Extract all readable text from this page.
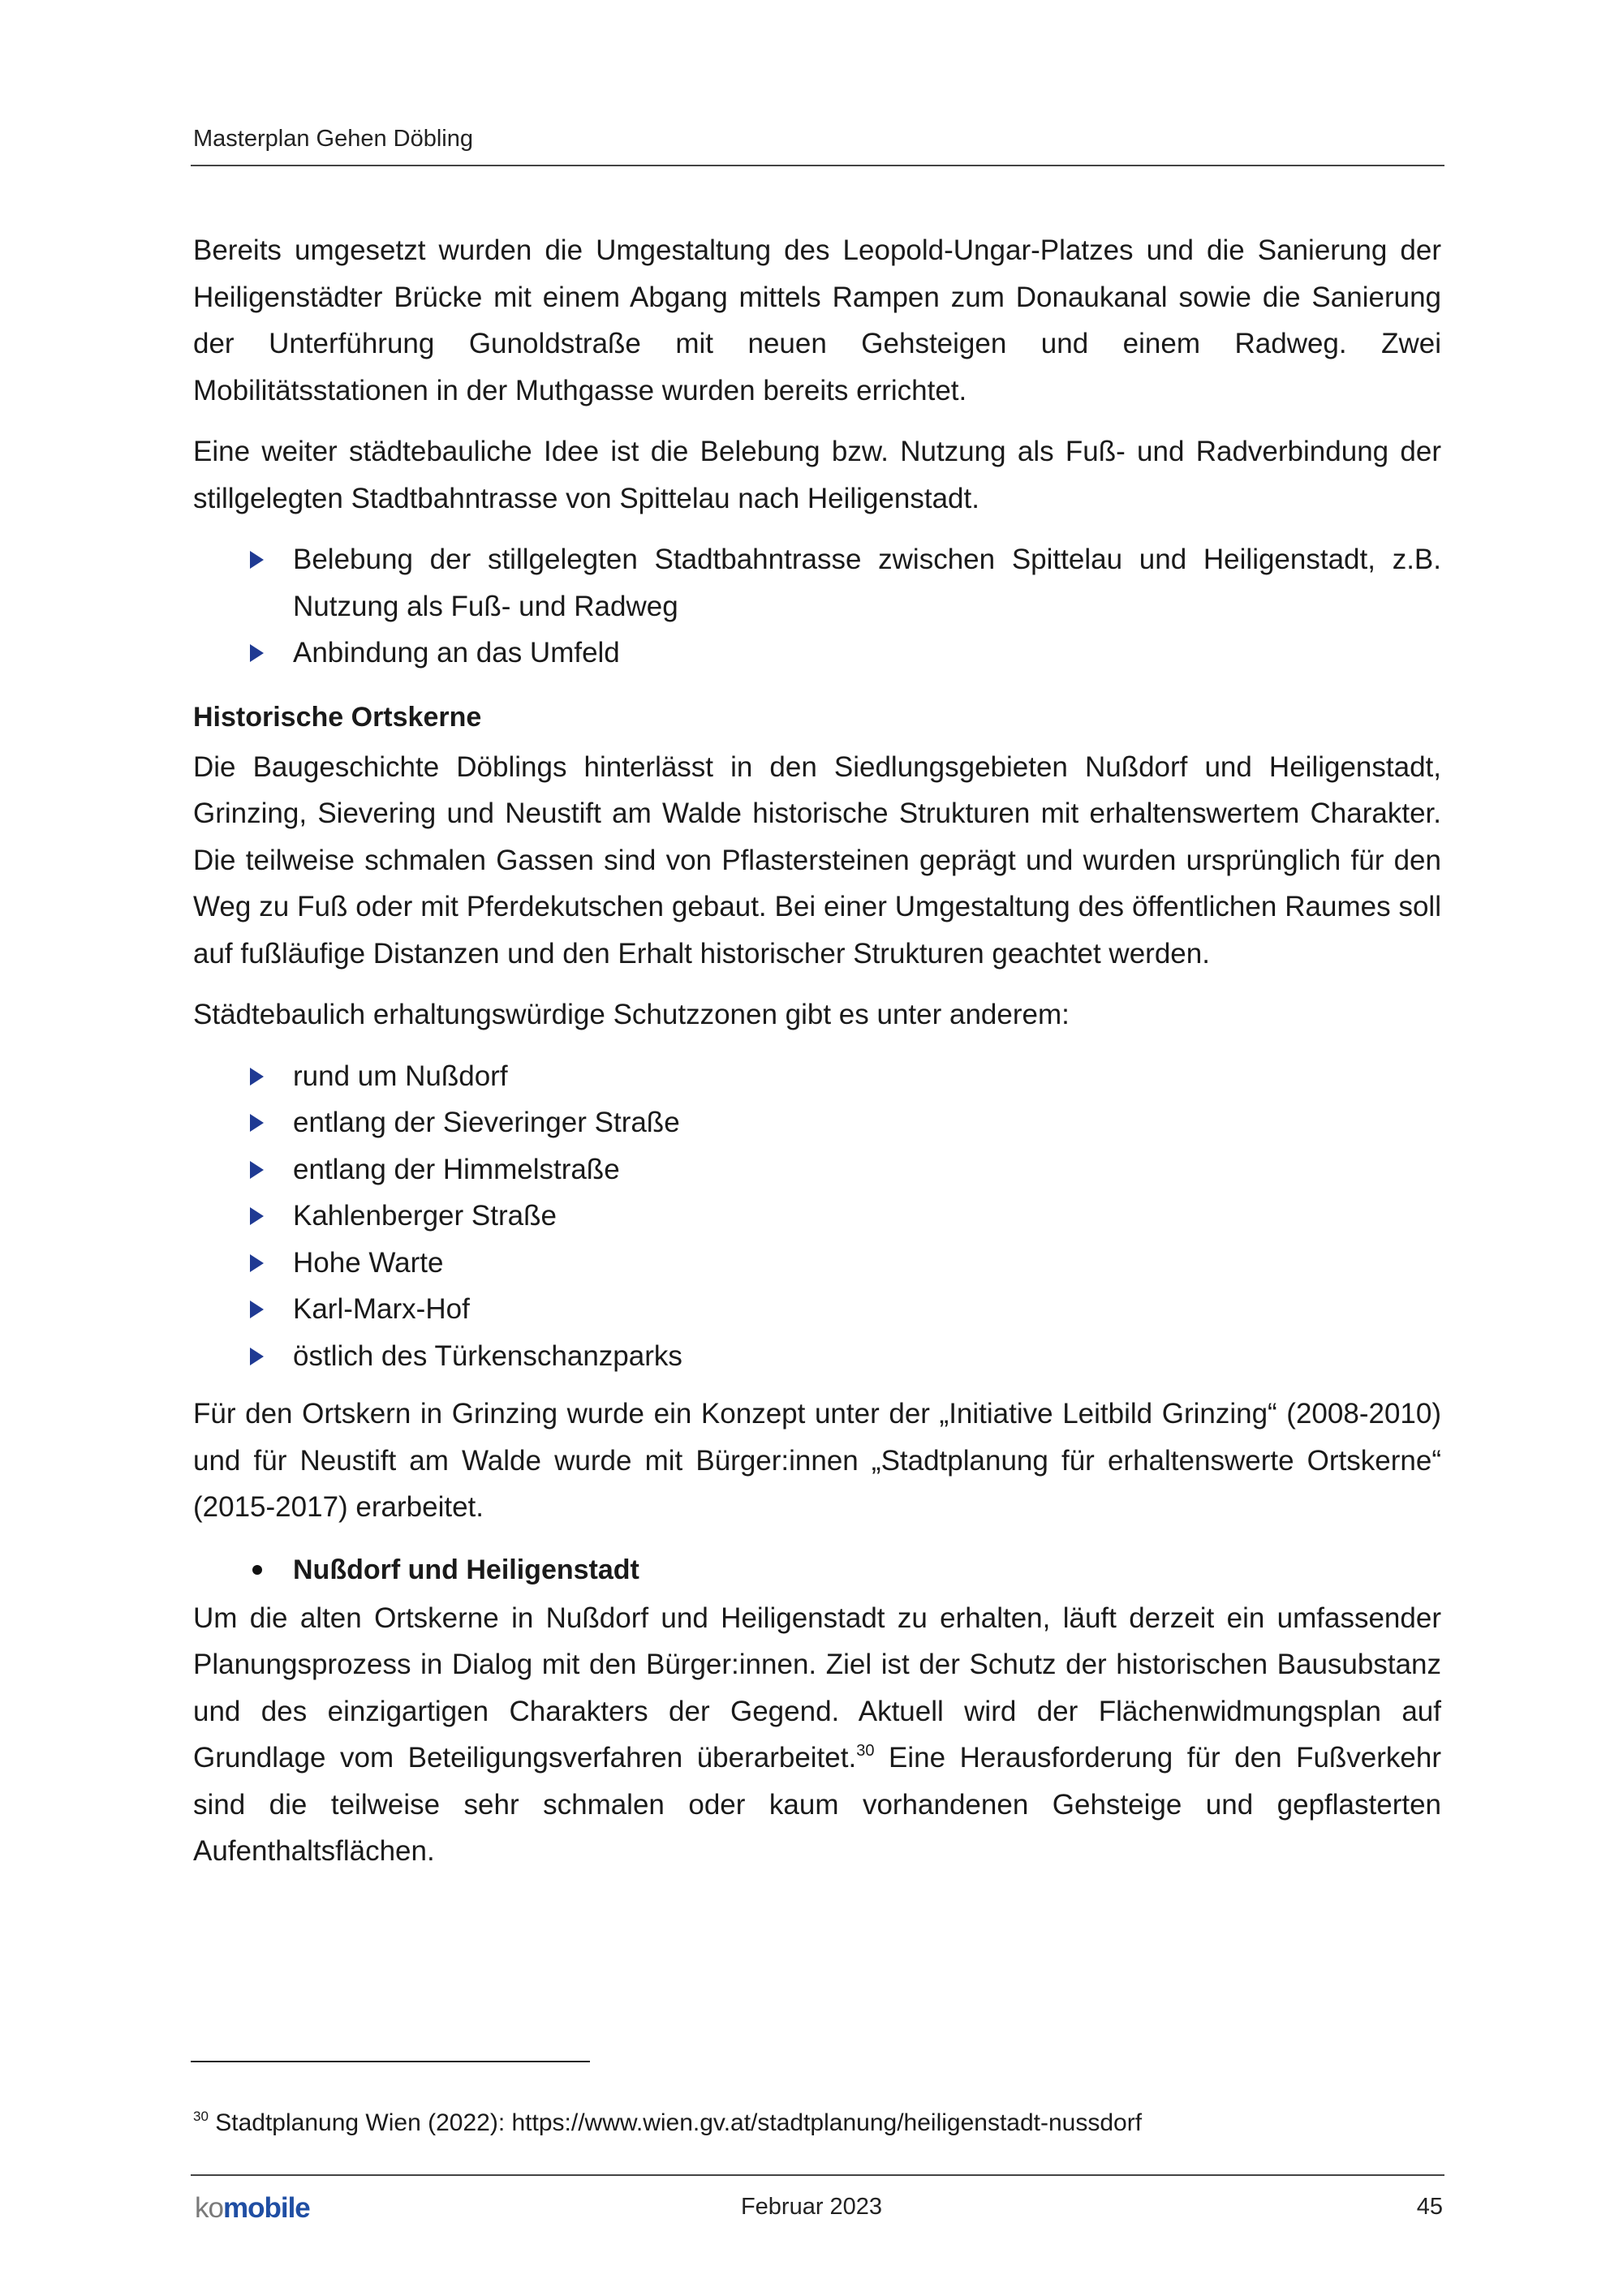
Masterplan Gehen Döbling

Bereits umgesetzt wurden die Umgestaltung des Leopold-Ungar-Platzes und die Sanierung der Heiligenstädter Brücke mit einem Abgang mittels Rampen zum Donaukanal sowie die Sanierung der Unterführung Gunoldstraße mit neuen Gehsteigen und einem Radweg. Zwei Mobilitätsstationen in der Muthgasse wurden bereits errichtet.

Eine weiter städtebauliche Idee ist die Belebung bzw. Nutzung als Fuß- und Radverbindung der stillgelegten Stadtbahntrasse von Spittelau nach Heiligenstadt.

Belebung der stillgelegten Stadtbahntrasse zwischen Spittelau und Heiligenstadt, z.B. Nutzung als Fuß- und Radweg
Anbindung an das Umfeld
Historische Ortskerne

Die Baugeschichte Döblings hinterlässt in den Siedlungsgebieten Nußdorf und Heiligenstadt, Grinzing, Sievering und Neustift am Walde historische Strukturen mit erhaltenswertem Charakter. Die teilweise schmalen Gassen sind von Pflastersteinen geprägt und wurden ursprünglich für den Weg zu Fuß oder mit Pferdekutschen gebaut. Bei einer Umgestaltung des öffentlichen Raumes soll auf fußläufige Distanzen und den Erhalt historischer Strukturen geachtet werden.

Städtebaulich erhaltungswürdige Schutzzonen gibt es unter anderem:

rund um Nußdorf
entlang der Sieveringer Straße
entlang der Himmelstraße
Kahlenberger Straße
Hohe Warte
Karl-Marx-Hof
östlich des Türkenschanzparks

Für den Ortskern in Grinzing wurde ein Konzept unter der „Initiative Leitbild Grinzing“ (2008-2010) und für Neustift am Walde wurde mit Bürger:innen „Stadtplanung für erhaltenswerte Ortskerne“ (2015-2017) erarbeitet.

Nußdorf und Heiligenstadt

Um die alten Ortskerne in Nußdorf und Heiligenstadt zu erhalten, läuft derzeit ein umfassender Planungsprozess in Dialog mit den Bürger:innen. Ziel ist der Schutz der historischen Bausubstanz und des einzigartigen Charakters der Gegend. Aktuell wird der Flächenwidmungsplan auf Grundlage vom Beteiligungsverfahren überarbeitet.$^{30}$ Eine Herausforderung für den Fußverkehr sind die teilweise sehr schmalen oder kaum vorhandenen Gehsteige und gepflasterten Aufenthaltsflächen.

$^{30}$ Stadtplanung Wien (2022): https://www.wien.gv.at/stadtplanung/heiligenstadt-nussdorf
komobile	Februar 2023	45
